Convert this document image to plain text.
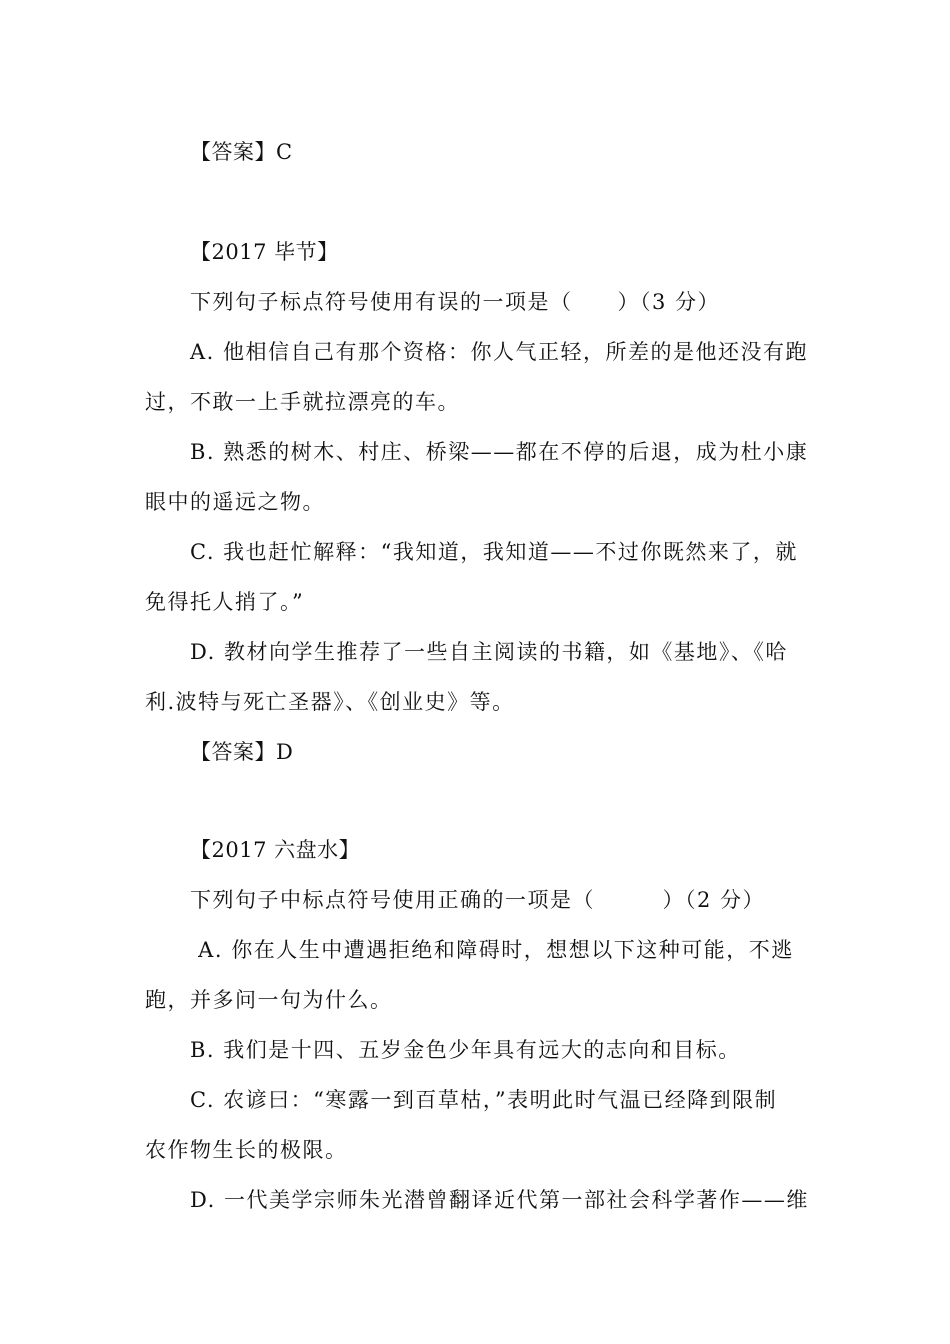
【答案】C
【2017 毕节】
下列句子标点符号使用有误的一项是（　　）（3 分）
A. 他相信自己有那个资格：你人气正轻，所差的是他还没有跑
过，不敢一上手就拉漂亮的车。
B. 熟悉的树木、村庄、桥梁——都在不停的后退，成为杜小康
眼中的遥远之物。
C. 我也赶忙解释：“我知道，我知道——不过你既然来了，就
免得托人捎了。”
D. 教材向学生推荐了一些自主阅读的书籍，如《基地》、《哈
利.波特与死亡圣器》、《创业史》等。
【答案】D
【2017 六盘水】
下列句子中标点符号使用正确的一项是（　　　）（2 分）
A. 你在人生中遭遇拒绝和障碍时，想想以下这种可能，不逃
跑，并多问一句为什么。
B. 我们是十四、五岁金色少年具有远大的志向和目标。
C. 农谚曰：“寒露一到百草枯，”表明此时气温已经降到限制
农作物生长的极限。
D. 一代美学宗师朱光潜曾翻译近代第一部社会科学著作——维
